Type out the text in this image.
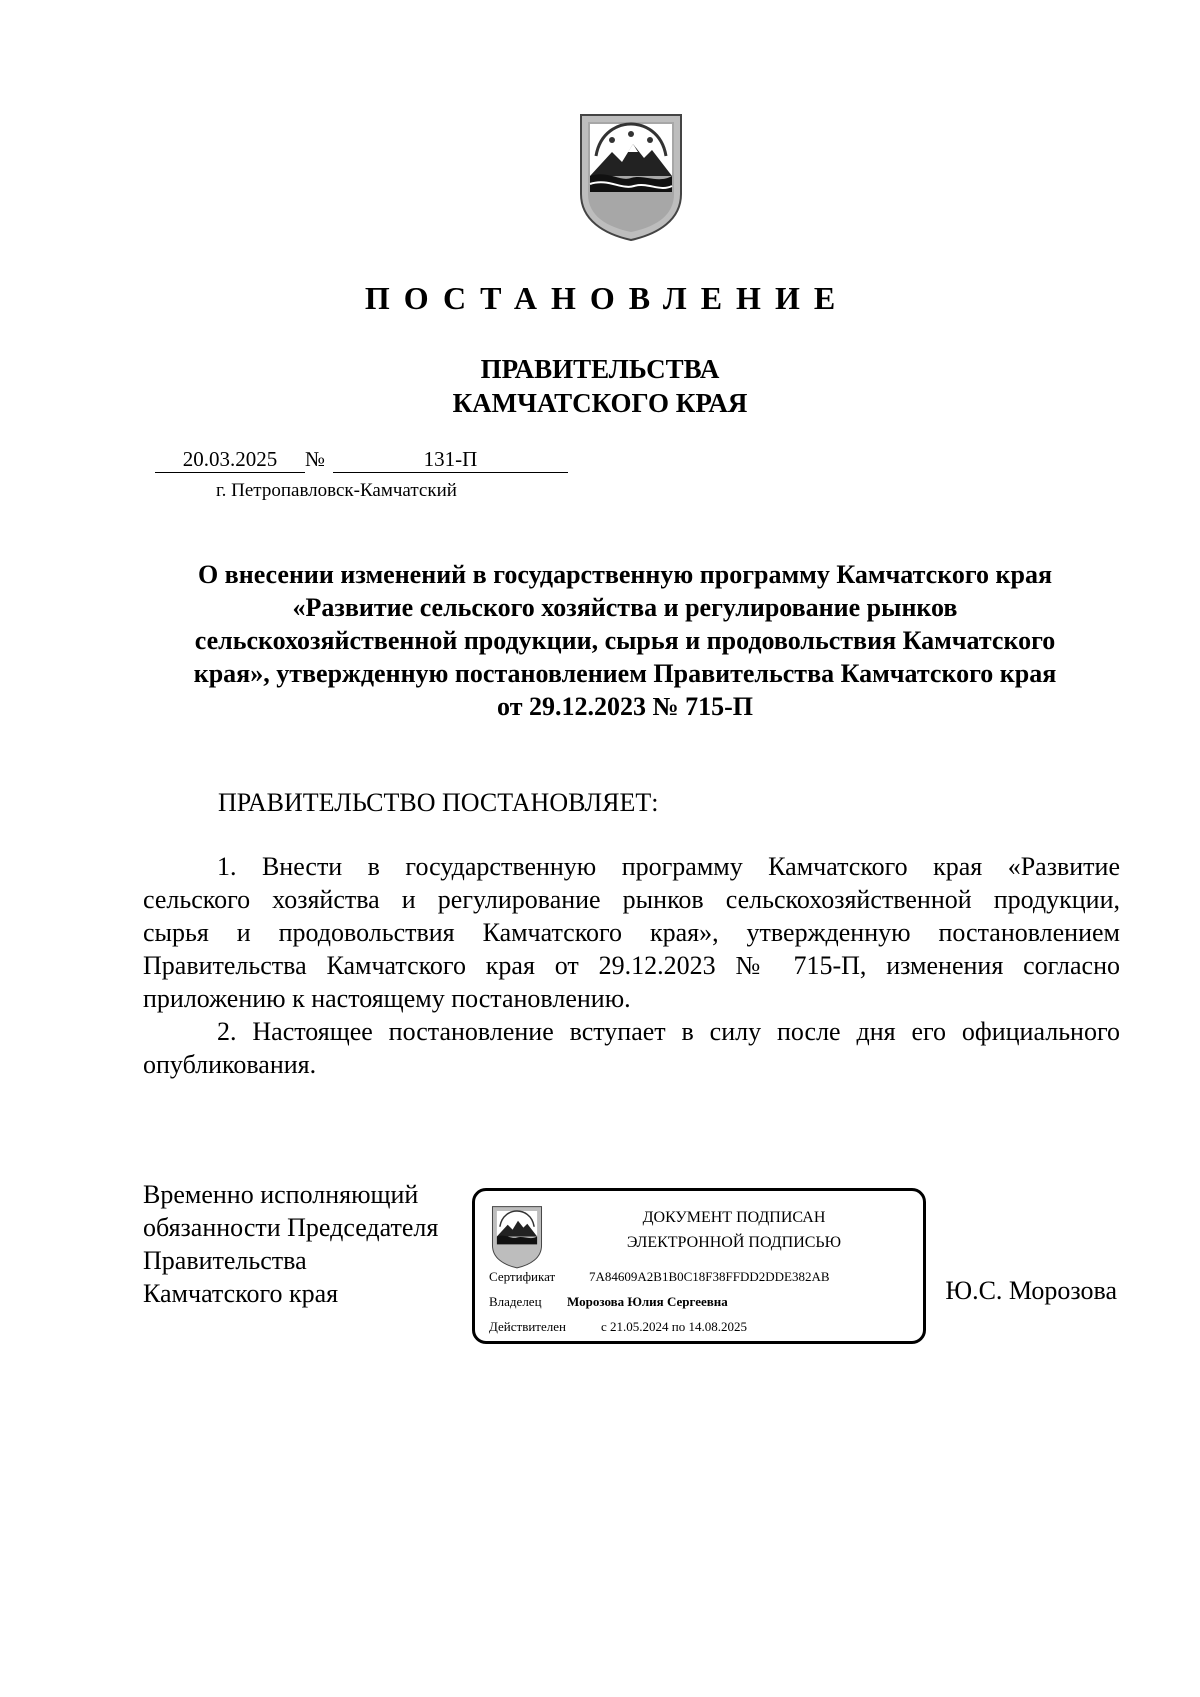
ПОСТАНОВЛЕНИЕ
ПРАВИТЕЛЬСТВА
КАМЧАТСКОГО КРАЯ
20.03.2025 №	131-П
г. Петропавловск-Камчатский
О внесении изменений в государственную программу Камчатского края
«Развитие сельского хозяйства и регулирование рынков
сельскохозяйственной продукции, сырья и продовольствия Камчатского
края», утвержденную постановлением Правительства Камчатского края
от 29.12.2023 № 715-П
ПРАВИТЕЛЬСТВО ПОСТАНОВЛЯЕТ:
1. Внести в государственную программу Камчатского края «Развитие
сельского хозяйства и регулирование рынков сельскохозяйственной продукции,
сырья и продовольствия Камчатского края», утвержденную постановлением
Правительства Камчатского края от 29.12.2023 № 715-П, изменения согласно
приложению к настоящему постановлению.
2. Настоящее постановление вступает в силу после дня его официального
опубликования.
Временно исполняющий
обязанности Председателя
Правительства
Камчатского края
ДОКУМЕНТ ПОДПИСАН
ЭЛЕКТРОННОЙ ПОДПИСЬЮ
Сертификат	7A84609A2B1B0C18F38FFDD2DDE382AB
Владелец Морозова Юлия Сергеевна
Действителен	с 21.05.2024 по 14.08.2025
Ю.С. Морозова
